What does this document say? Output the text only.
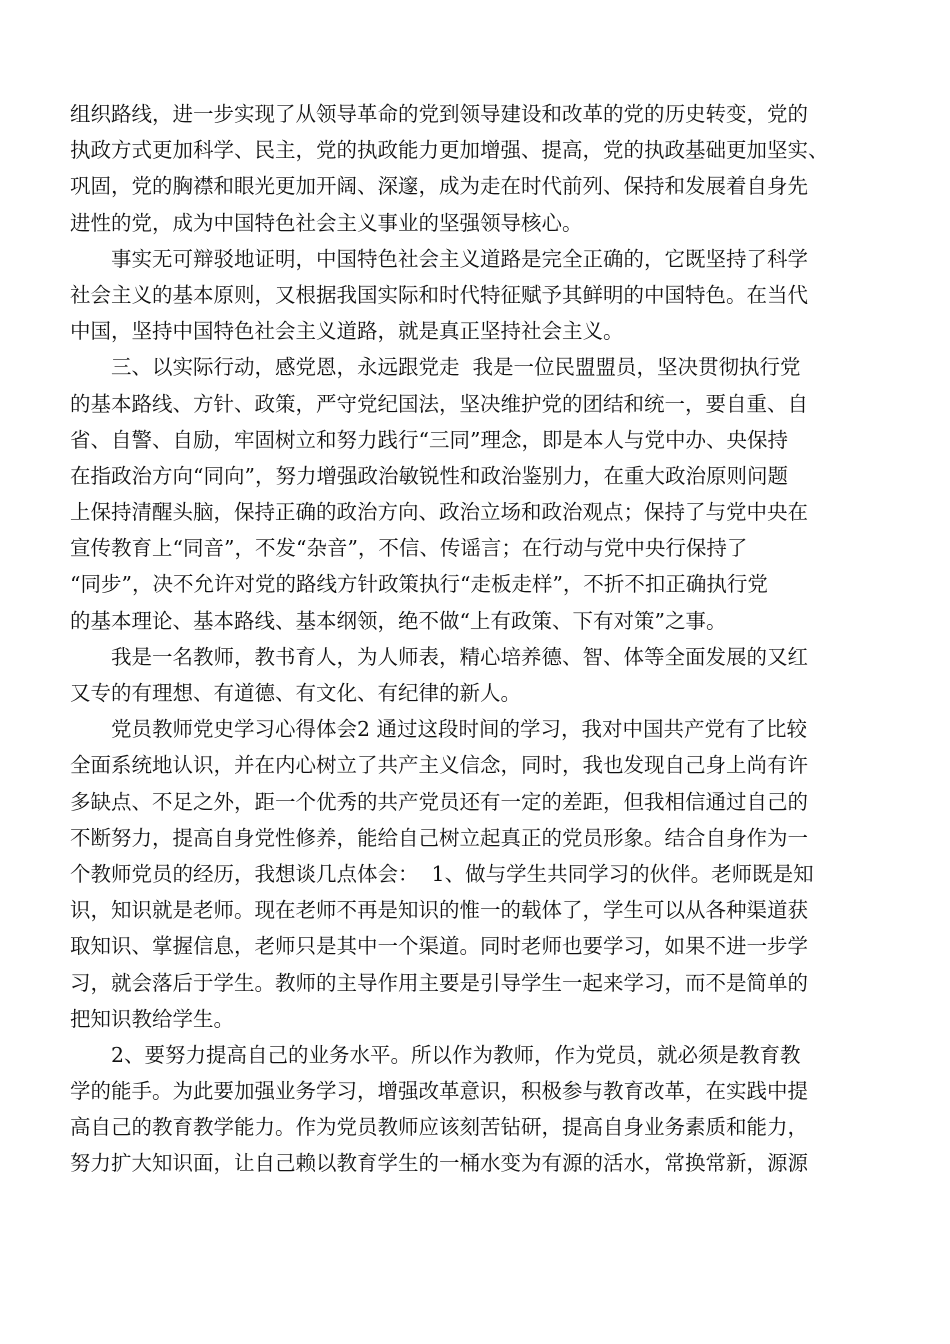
组织路线，进一步实现了从领导革命的党到领导建设和改革的党的历史转变，党的
执政方式更加科学、民主，党的执政能力更加增强、提高，党的执政基础更加坚实、
巩固，党的胸襟和眼光更加开阔、深邃，成为走在时代前列、保持和发展着自身先
进性的党，成为中国特色社会主义事业的坚强领导核心。
　　事实无可辩驳地证明，中国特色社会主义道路是完全正确的，它既坚持了科学
社会主义的基本原则，又根据我国实际和时代特征赋予其鲜明的中国特色。在当代
中国，坚持中国特色社会主义道路，就是真正坚持社会主义。
　　三、以实际行动，感党恩，永远跟党走  我是一位民盟盟员，坚决贯彻执行党
的基本路线、方针、政策，严守党纪国法，坚决维护党的团结和统一，要自重、自
省、自警、自励，牢固树立和努力践行“三同”理念，即是本人与党中办、央保持
在指政治方向“同向”，努力增强政治敏锐性和政治鉴别力，在重大政治原则问题
上保持清醒头脑，保持正确的政治方向、政治立场和政治观点；保持了与党中央在
宣传教育上“同音”，不发“杂音”，不信、传谣言；在行动与党中央行保持了
“同步”，决不允许对党的路线方针政策执行“走板走样”，不折不扣正确执行党
的基本理论、基本路线、基本纲领，绝不做“上有政策、下有对策”之事。
　　我是一名教师，教书育人，为人师表，精心培养德、智、体等全面发展的又红
又专的有理想、有道德、有文化、有纪律的新人。
　　党员教师党史学习心得体会2 通过这段时间的学习，我对中国共产党有了比较
全面系统地认识，并在内心树立了共产主义信念，同时，我也发现自己身上尚有许
多缺点、不足之外，距一个优秀的共产党员还有一定的差距，但我相信通过自己的
不断努力，提高自身党性修养，能给自己树立起真正的党员形象。结合自身作为一
个教师党员的经历，我想谈几点体会：  1、做与学生共同学习的伙伴。老师既是知
识，知识就是老师。现在老师不再是知识的惟一的载体了，学生可以从各种渠道获
取知识、掌握信息，老师只是其中一个渠道。同时老师也要学习，如果不进一步学
习，就会落后于学生。教师的主导作用主要是引导学生一起来学习，而不是简单的
把知识教给学生。
　　2、要努力提高自己的业务水平。所以作为教师，作为党员，就必须是教育教
学的能手。为此要加强业务学习，增强改革意识，积极参与教育改革，在实践中提
高自己的教育教学能力。作为党员教师应该刻苦钻研，提高自身业务素质和能力，
努力扩大知识面，让自己赖以教育学生的一桶水变为有源的活水，常换常新，源源
